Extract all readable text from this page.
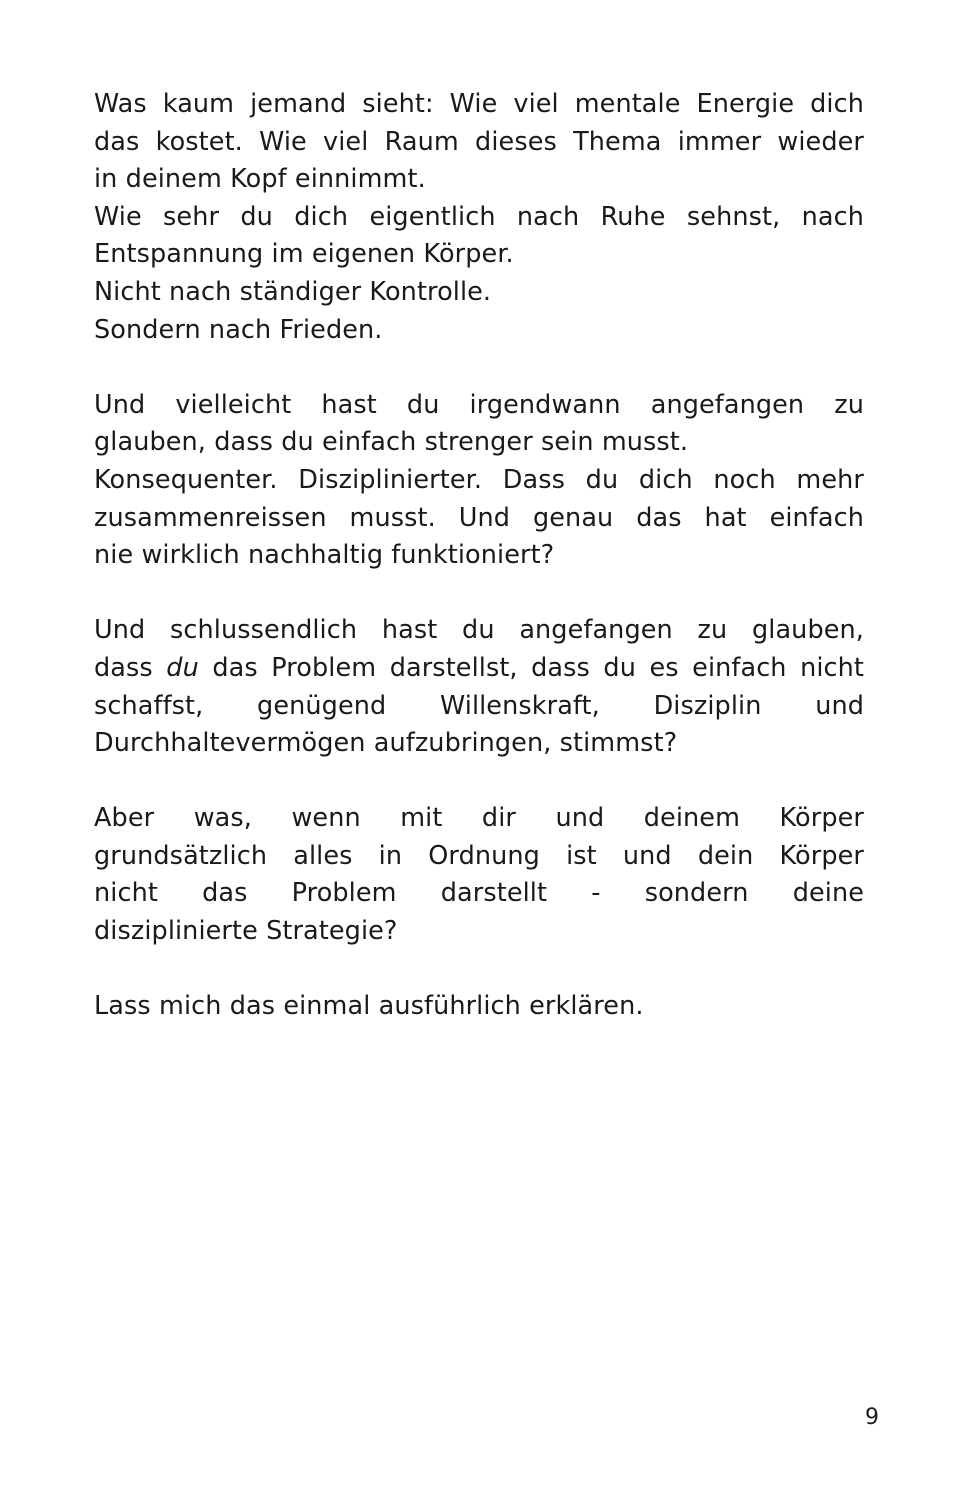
Was kaum jemand sieht: Wie viel mentale Energie dich
das kostet. Wie viel Raum dieses Thema immer wieder
in deinem Kopf einnimmt.
Wie sehr du dich eigentlich nach Ruhe sehnst, nach
Entspannung im eigenen Körper.
Nicht nach ständiger Kontrolle.
Sondern nach Frieden.

Und vielleicht hast du irgendwann angefangen zu
glauben, dass du einfach strenger sein musst.
Konsequenter. Disziplinierter. Dass du dich noch mehr
zusammenreissen musst. Und genau das hat einfach
nie wirklich nachhaltig funktioniert?

Und schlussendlich hast du angefangen zu glauben,
dass du das Problem darstellst, dass du es einfach nicht
schaffst, genügend Willenskraft, Disziplin und
Durchhaltevermögen aufzubringen, stimmst?

Aber was, wenn mit dir und deinem Körper
grundsätzlich alles in Ordnung ist und dein Körper
nicht das Problem darstellt - sondern deine
disziplinierte Strategie?

Lass mich das einmal ausführlich erklären.

9
